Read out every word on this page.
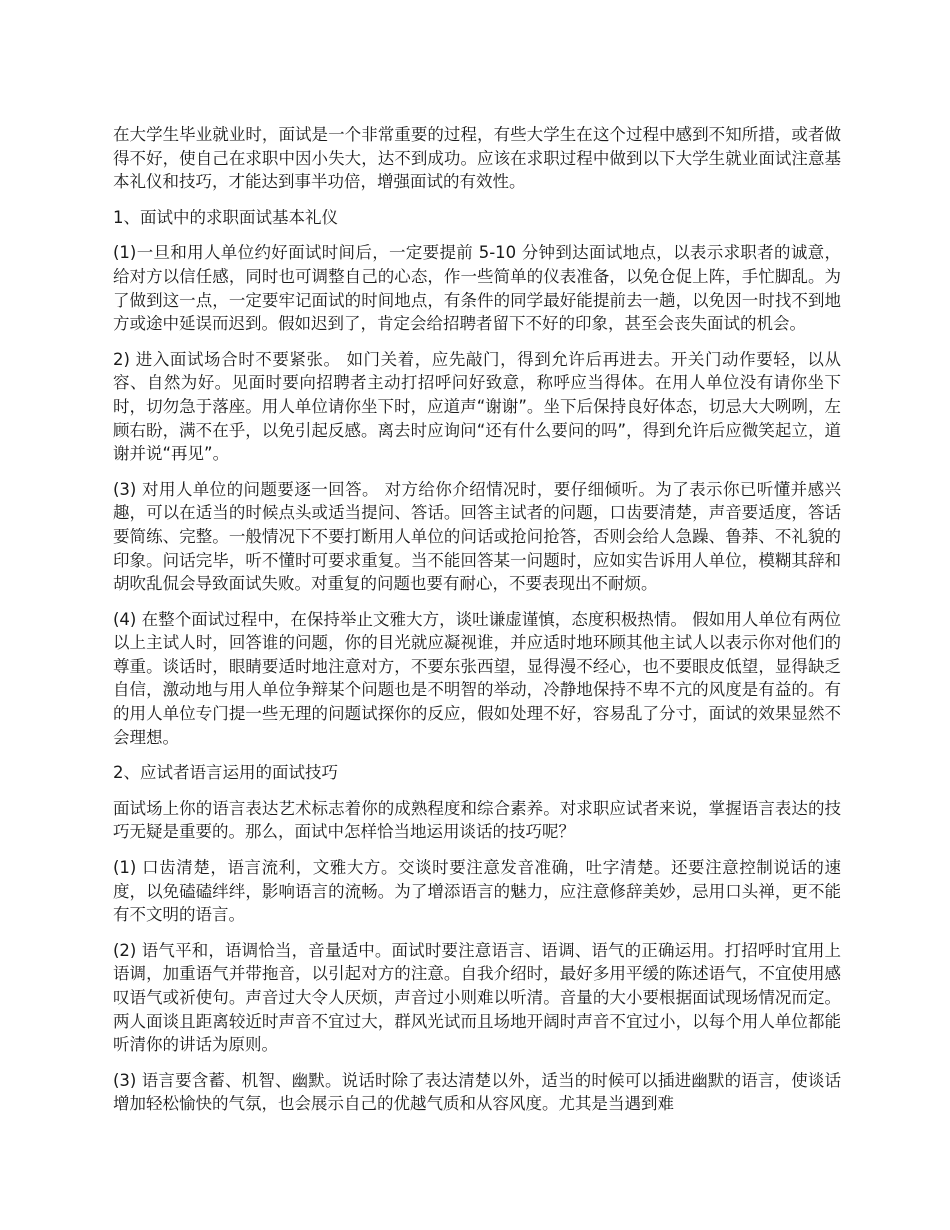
在大学生毕业就业时，面试是一个非常重要的过程，有些大学生在这个过程中感到不知所措，或者做得不好，使自己在求职中因小失大，达不到成功。应该在求职过程中做到以下大学生就业面试注意基本礼仪和技巧，才能达到事半功倍，增强面试的有效性。

1、面试中的求职面试基本礼仪

(1)一旦和用人单位约好面试时间后，一定要提前 5-10 分钟到达面试地点，以表示求职者的诚意，给对方以信任感，同时也可调整自己的心态，作一些简单的仪表准备，以免仓促上阵，手忙脚乱。为了做到这一点，一定要牢记面试的时间地点，有条件的同学最好能提前去一趟，以免因一时找不到地方或途中延误而迟到。假如迟到了，肯定会给招聘者留下不好的印象，甚至会丧失面试的机会。

2) 进入面试场合时不要紧张。 如门关着，应先敲门，得到允许后再进去。开关门动作要轻，以从容、自然为好。见面时要向招聘者主动打招呼问好致意，称呼应当得体。在用人单位没有请你坐下时，切勿急于落座。用人单位请你坐下时，应道声“谢谢”。坐下后保持良好体态，切忌大大咧咧，左顾右盼，满不在乎，以免引起反感。离去时应询问“还有什么要问的吗”，得到允许后应微笑起立，道谢并说“再见”。

(3) 对用人单位的问题要逐一回答。 对方给你介绍情况时，要仔细倾听。为了表示你已听懂并感兴趣，可以在适当的时候点头或适当提问、答话。回答主试者的问题，口齿要清楚，声音要适度，答话要简练、完整。一般情况下不要打断用人单位的问话或抢问抢答，否则会给人急躁、鲁莽、不礼貌的印象。问话完毕，听不懂时可要求重复。当不能回答某一问题时，应如实告诉用人单位，模糊其辞和胡吹乱侃会导致面试失败。对重复的问题也要有耐心，不要表现出不耐烦。

(4) 在整个面试过程中，在保持举止文雅大方，谈吐谦虚谨慎，态度积极热情。 假如用人单位有两位以上主试人时，回答谁的问题，你的目光就应凝视谁，并应适时地环顾其他主试人以表示你对他们的尊重。谈话时，眼睛要适时地注意对方，不要东张西望，显得漫不经心，也不要眼皮低望，显得缺乏自信，激动地与用人单位争辩某个问题也是不明智的举动，冷静地保持不卑不亢的风度是有益的。有的用人单位专门提一些无理的问题试探你的反应，假如处理不好，容易乱了分寸，面试的效果显然不会理想。

2、应试者语言运用的面试技巧

面试场上你的语言表达艺术标志着你的成熟程度和综合素养。对求职应试者来说，掌握语言表达的技巧无疑是重要的。那么，面试中怎样恰当地运用谈话的技巧呢？

(1) 口齿清楚，语言流利，文雅大方。交谈时要注意发音准确，吐字清楚。还要注意控制说话的速度，以免磕磕绊绊，影响语言的流畅。为了增添语言的魅力，应注意修辞美妙，忌用口头禅，更不能有不文明的语言。

(2) 语气平和，语调恰当，音量适中。面试时要注意语言、语调、语气的正确运用。打招呼时宜用上语调，加重语气并带拖音，以引起对方的注意。自我介绍时，最好多用平缓的陈述语气，不宜使用感叹语气或祈使句。声音过大令人厌烦，声音过小则难以听清。音量的大小要根据面试现场情况而定。两人面谈且距离较近时声音不宜过大，群风光试而且场地开阔时声音不宜过小，以每个用人单位都能听清你的讲话为原则。

(3) 语言要含蓄、机智、幽默。说话时除了表达清楚以外，适当的时候可以插进幽默的语言，使谈话增加轻松愉快的气氛，也会展示自己的优越气质和从容风度。尤其是当遇到难
